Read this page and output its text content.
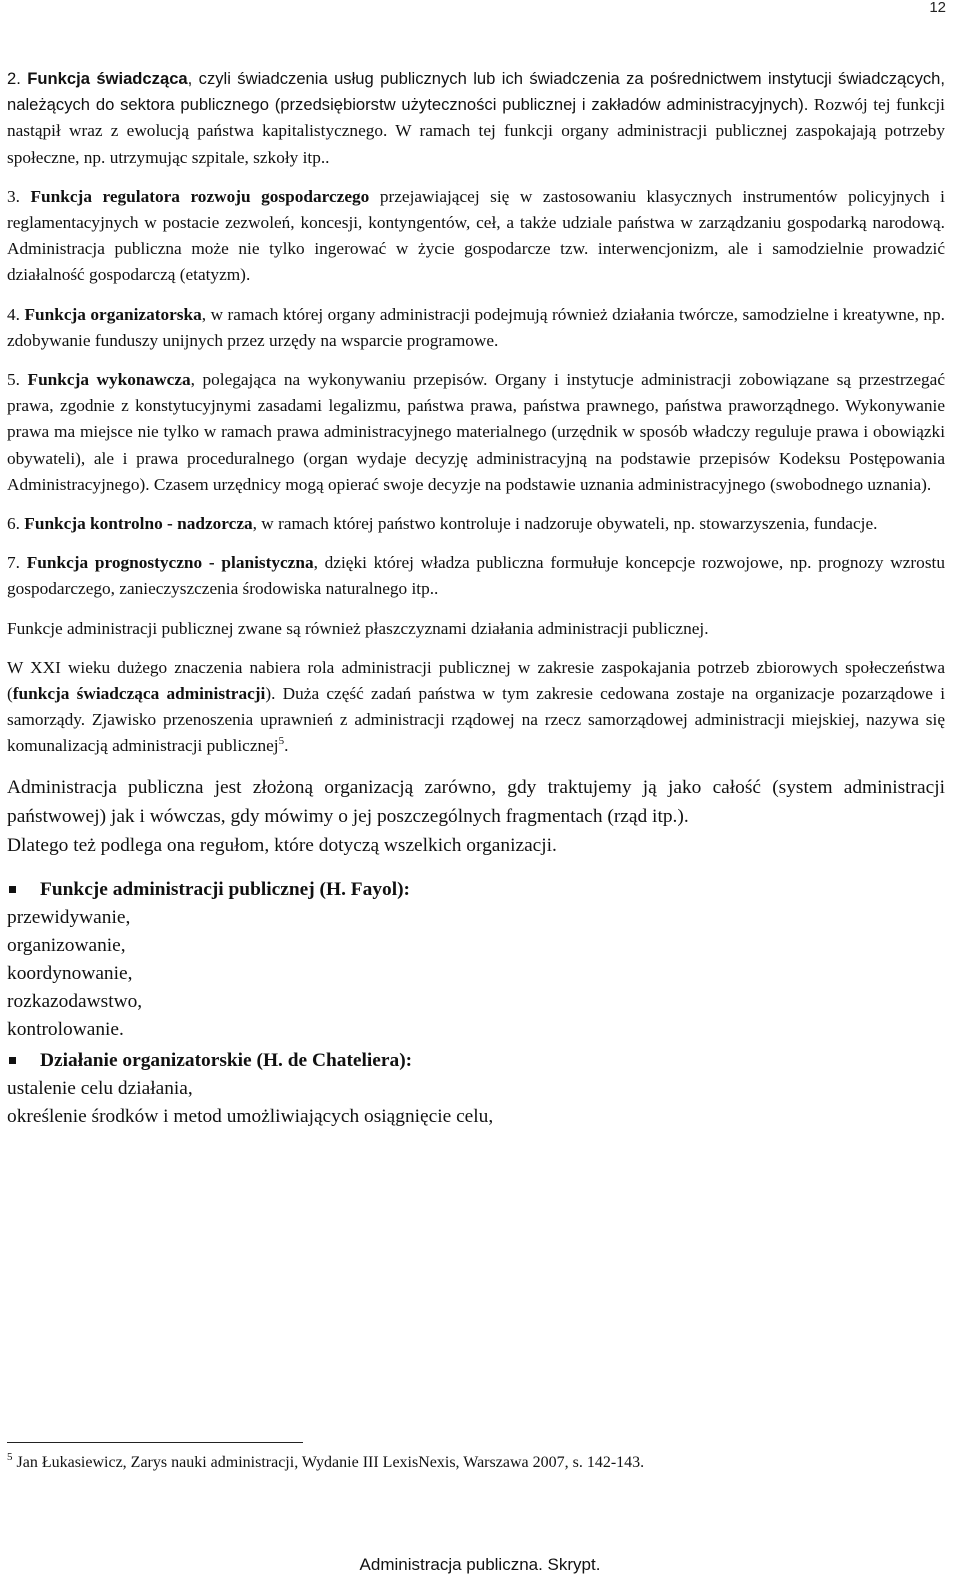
12

2. Funkcja świadcząca, czyli świadczenia usług publicznych lub ich świadczenia za pośrednictwem instytucji świadczących, należących do sektora publicznego (przedsiębiorstw użyteczności publicznej i zakładów administracyjnych). Rozwój tej funkcji nastąpił wraz z ewolucją państwa kapitalistycznego. W ramach tej funkcji organy administracji publicznej zaspokajają potrzeby społeczne, np. utrzymując szpitale, szkoły itp..

3. Funkcja regulatora rozwoju gospodarczego przejawiającej się w zastosowaniu klasycznych instrumentów policyjnych i reglamentacyjnych w postacie zezwoleń, koncesji, kontyngentów, ceł, a także udziale państwa w zarządzaniu gospodarką narodową. Administracja publiczna może nie tylko ingerować w życie gospodarcze tzw. interwencjonizm, ale i samodzielnie prowadzić działalność gospodarczą (etatyzm).

4. Funkcja organizatorska, w ramach której organy administracji podejmują również działania twórcze, samodzielne i kreatywne, np. zdobywanie funduszy unijnych przez urzędy na wsparcie programowe.

5. Funkcja wykonawcza, polegająca na wykonywaniu przepisów. Organy i instytucje administracji zobowiązane są przestrzegać prawa, zgodnie z konstytucyjnymi zasadami legalizmu, państwa prawa, państwa prawnego, państwa praworządnego. Wykonywanie prawa ma miejsce nie tylko w ramach prawa administracyjnego materialnego (urzędnik w sposób władczy reguluje prawa i obowiązki obywateli), ale i prawa proceduralnego (organ wydaje decyzję administracyjną na podstawie przepisów Kodeksu Postępowania Administracyjnego). Czasem urzędnicy mogą opierać swoje decyzje na podstawie uznania administracyjnego (swobodnego uznania).

6. Funkcja kontrolno - nadzorcza, w ramach której państwo kontroluje i nadzoruje obywateli, np. stowarzyszenia, fundacje.

7. Funkcja prognostyczno - planistyczna, dzięki której władza publiczna formułuje koncepcje rozwojowe, np. prognozy wzrostu gospodarczego, zanieczyszczenia środowiska naturalnego itp..

Funkcje administracji publicznej zwane są również płaszczyznami działania administracji publicznej.

W XXI wieku dużego znaczenia nabiera rola administracji publicznej w zakresie zaspokajania potrzeb zbiorowych społeczeństwa (funkcja świadcząca administracji). Duża część zadań państwa w tym zakresie cedowana zostaje na organizacje pozarządowe i samorządy. Zjawisko przenoszenia uprawnień z administracji rządowej na rzecz samorządowej administracji miejskiej, nazywa się komunalizacją administracji publicznej$^5$.

Administracja publiczna jest złożoną organizacją zarówno, gdy traktujemy ją jako całość (system administracji państwowej) jak i wówczas, gdy mówimy o jej poszczególnych fragmentach (rząd itp.).

Dlatego też podlega ona regułom, które dotyczą wszelkich organizacji.

Funkcje administracji publicznej (H. Fayol):
przewidywanie,
organizowanie,
koordynowanie,
rozkazodawstwo,
kontrolowanie.
Działanie organizatorskie (H. de Chateliera):
ustalenie celu działania,
określenie środków i metod umożliwiających osiągnięcie celu,
$^5$ Jan Łukasiewicz, Zarys nauki administracji, Wydanie III LexisNexis, Warszawa 2007, s. 142-143.
Administracja publiczna. Skrypt.
